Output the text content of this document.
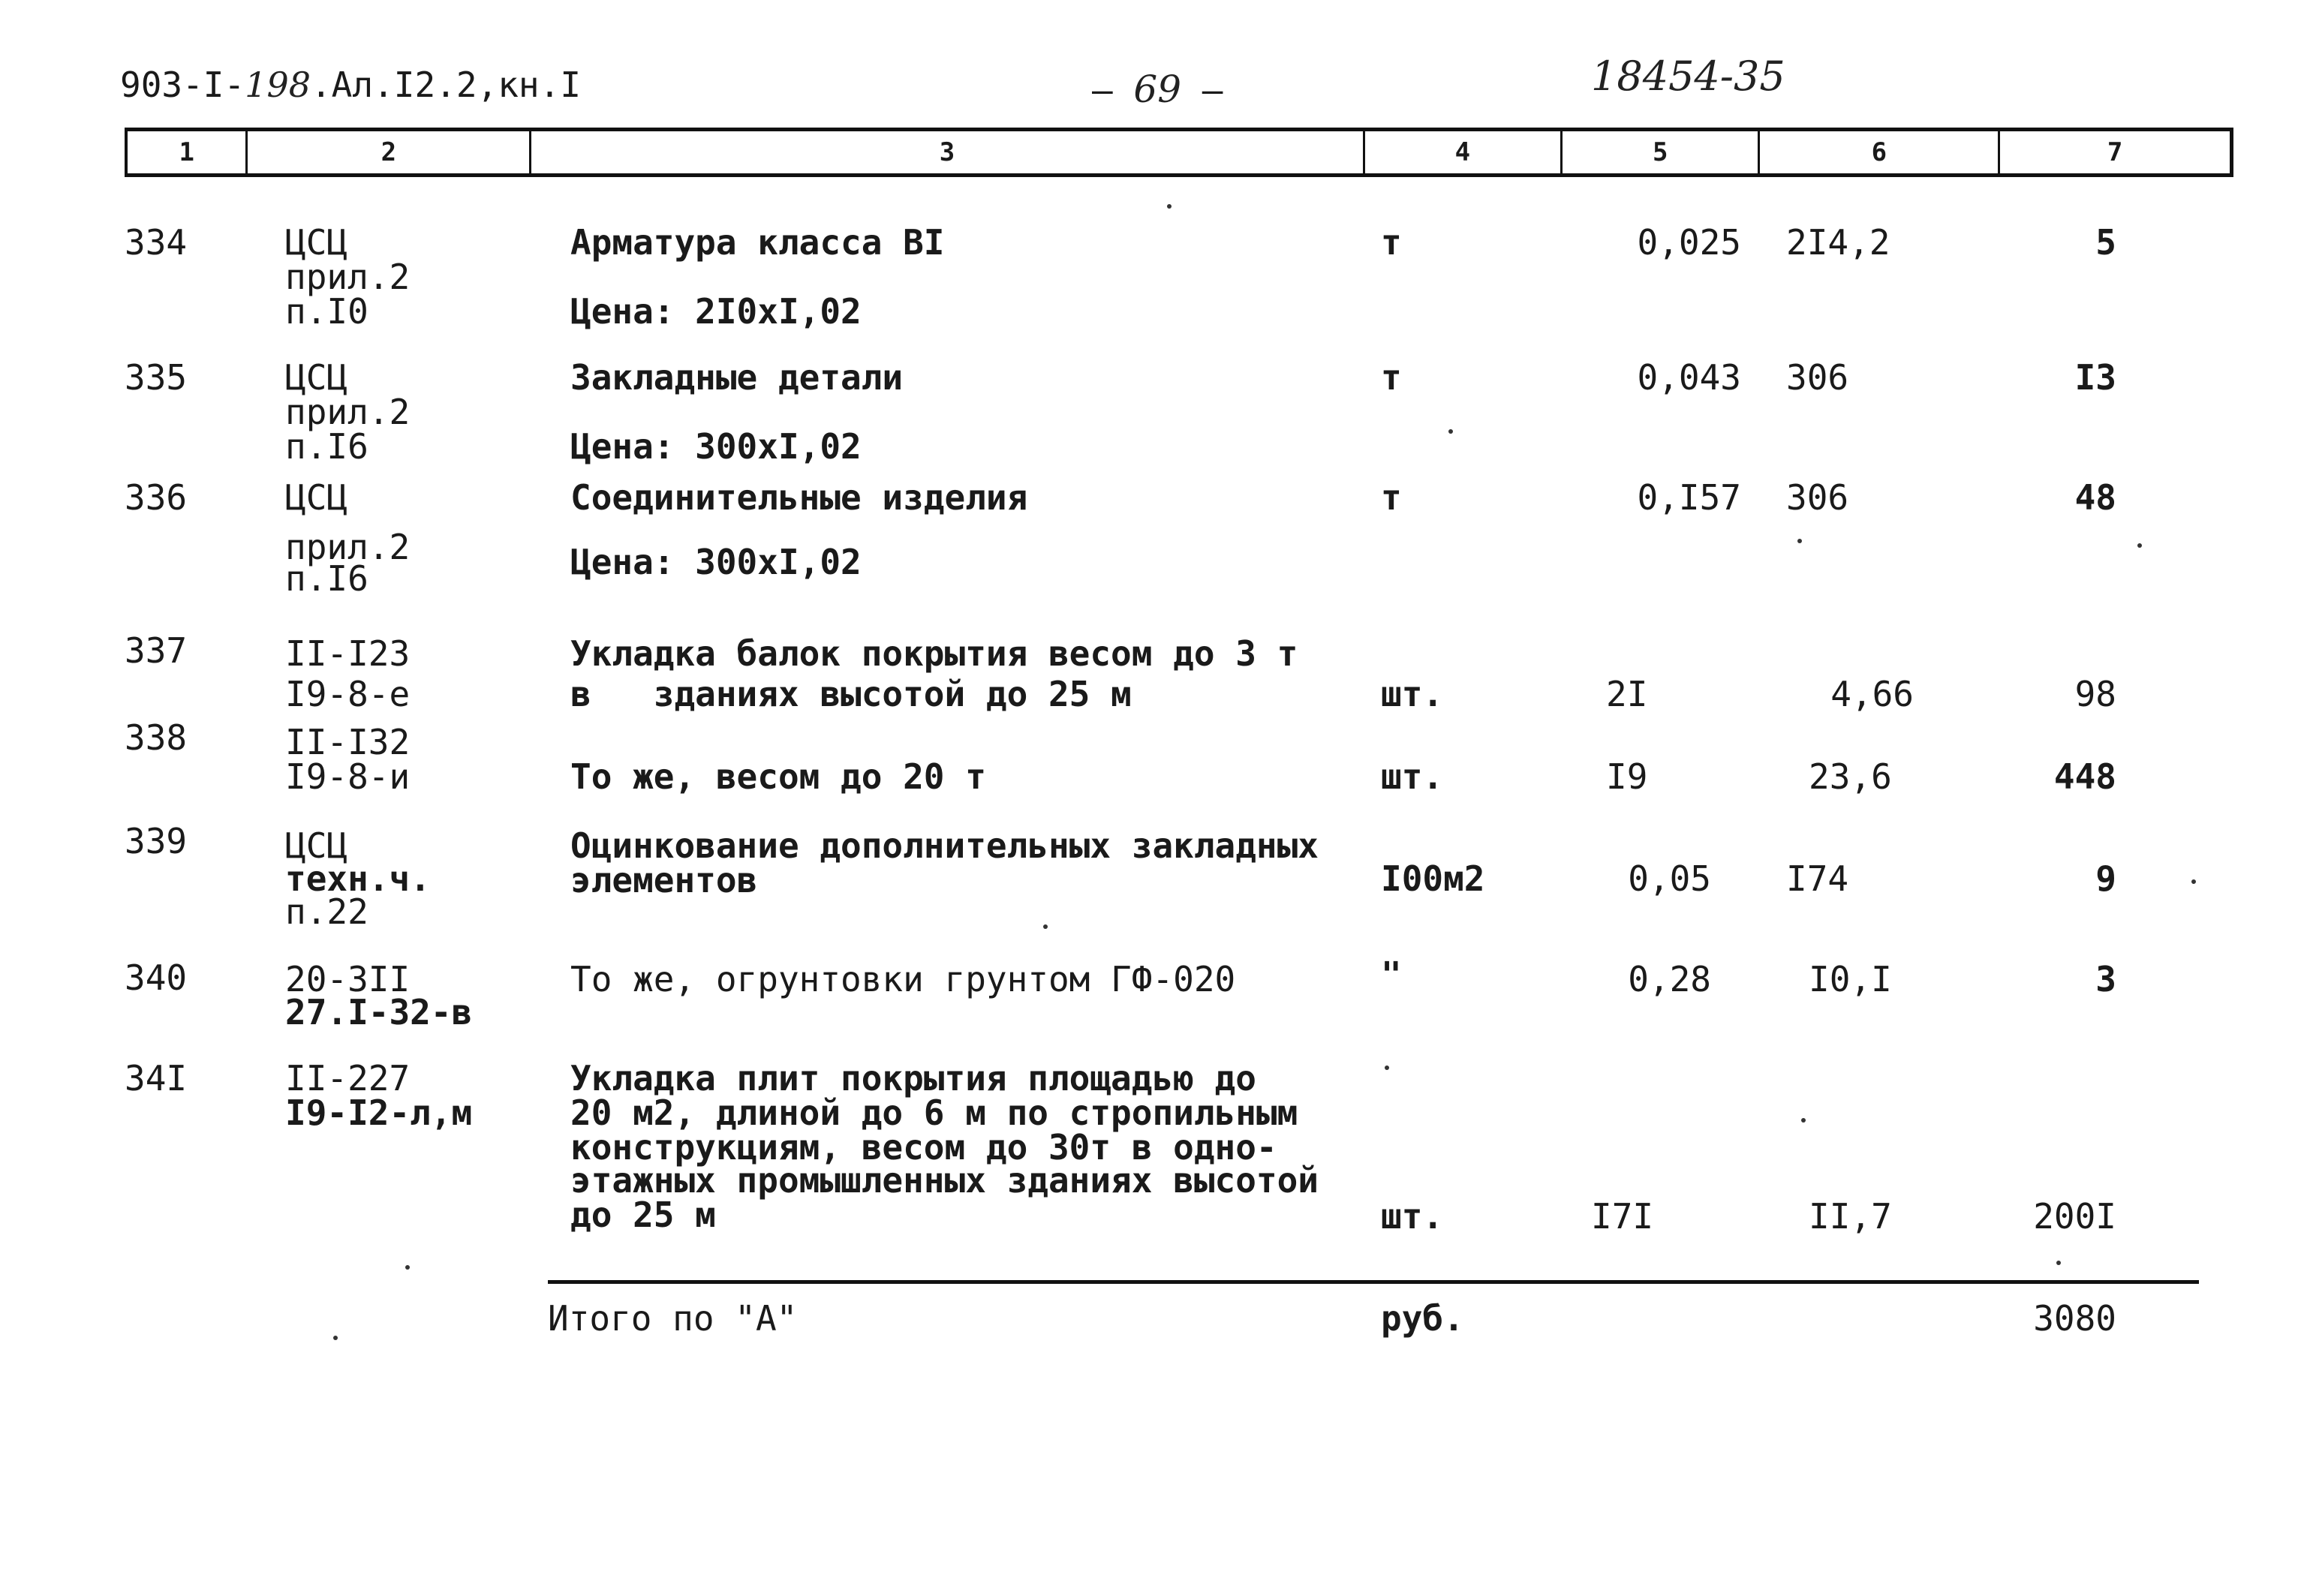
903-I-198.Ал.I2.2,кн.I	— 69 —	18454-35
1	2	3	4	5	6	7
334	ЦСЦ
прил.2
п.I0
Арматура класса BI
Цена: 2I0xI,02
т	0,025 2I4,2	5
335	ЦСЦ
прил.2
п.I6
Закладные детали
Цена: 300xI,02
т	0,043 306	I3
336	ЦСЦ
прил.2
п.I6
Соединительные изделия
Цена: 300xI,02
т	0,I57 306	48
337	II-I23
I9-8-е
Укладка балок покрытия весом до 3 т
в   зданиях высотой до 25 м	шт.	2I	4,66	98
338	II-I32
I9-8-и	То же, весом до 20 т	шт.	I9	23,6	448
339	ЦСЦ
техн.ч.
п.22
Оцинкование дополнительных закладных
элементов	I00м2	0,05 I74	9
340	20-3II
27.I-32-в
То же, огрунтовки грунтом ГФ-020	"	0,28	I0,I	3
34I	II-227
I9-I2-л,м
Укладка плит покрытия площадью до
20 м2, длиной до 6 м по стропильным
конструкциям, весом до 30т в одно-
этажных промышленных зданиях высотой
до 25 м	шт.	I7I	II,7	200I
Итого по "А"	руб.	3080
